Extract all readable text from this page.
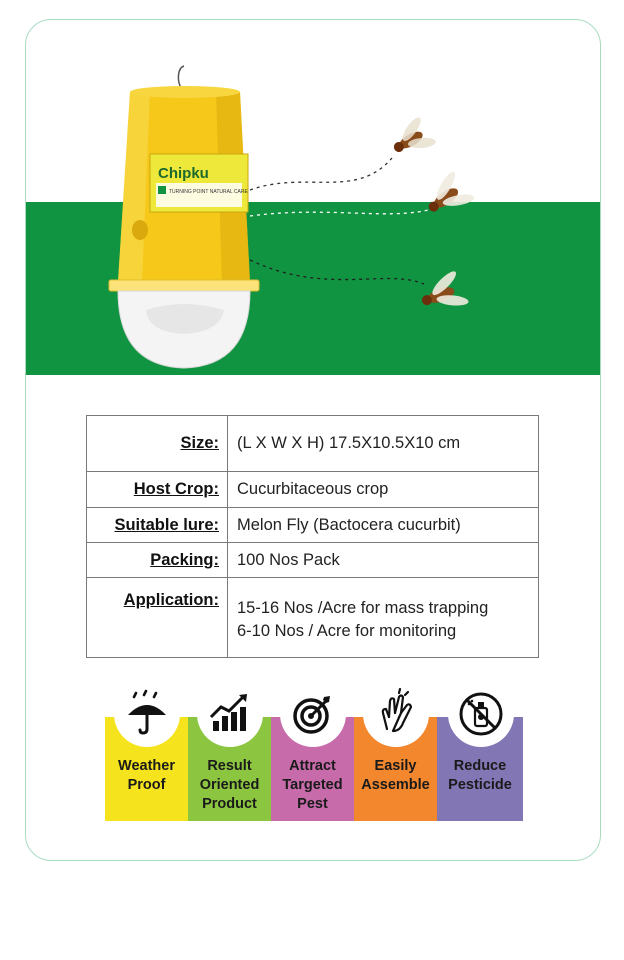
Chipku
TURNING POINT NATURAL CARE
Size:	(L X W X H) 17.5X10.5X10 cm
Host Crop:	Cucurbitaceous crop
Suitable lure:	Melon Fly (Bactocera cucurbit)
Packing:	100 Nos Pack
Application:	15-16 Nos /Acre for mass trapping
6-10 Nos / Acre for monitoring
Weather
Proof
Result
Oriented
Product
Attract
Targeted
Pest
Easily
Assemble
Reduce
Pesticide
